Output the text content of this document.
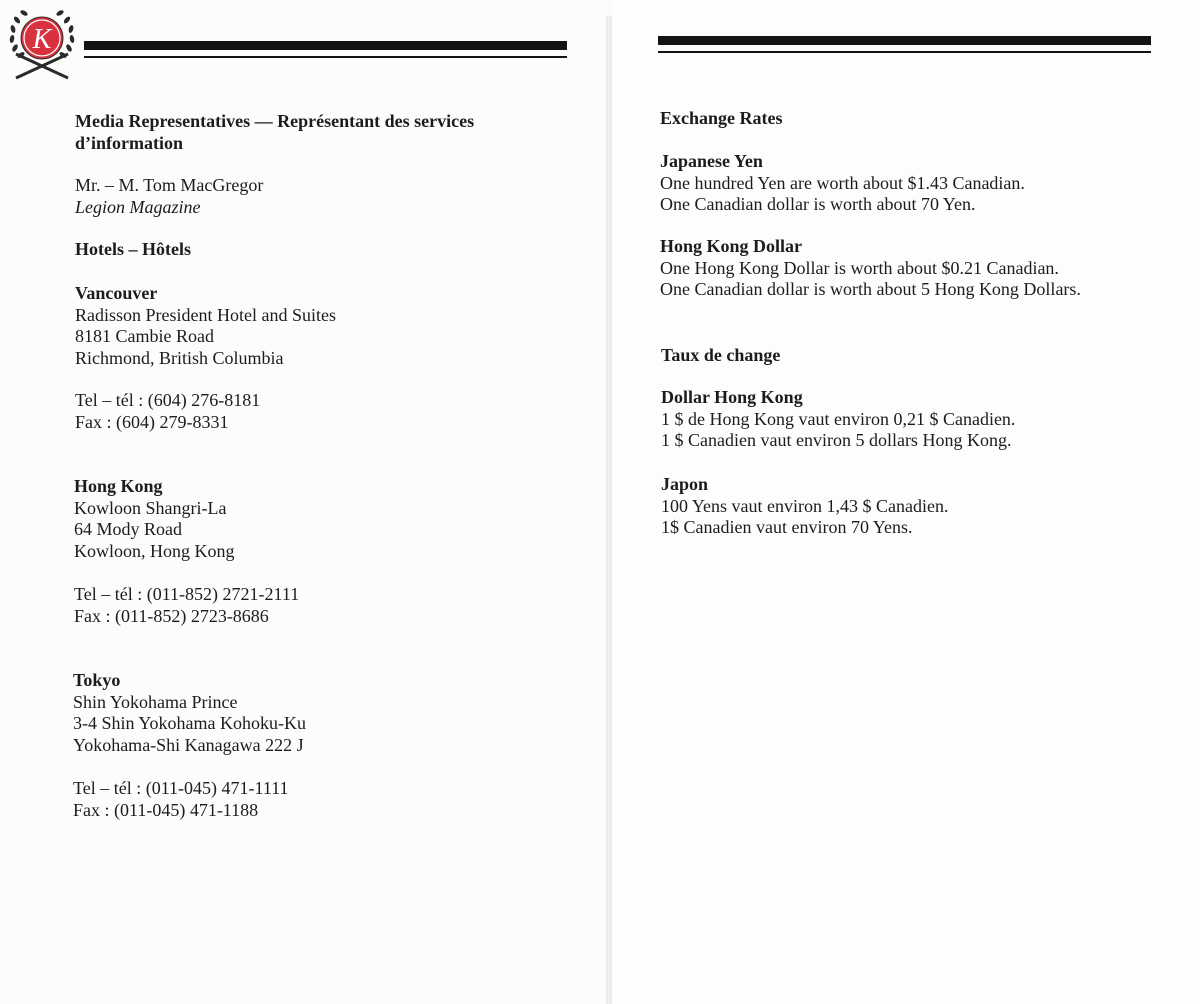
K
Media Representatives — Représentant des services
d’information
Mr. – M. Tom MacGregor
Legion Magazine
Hotels – Hôtels
Vancouver
Radisson President Hotel and Suites
8181 Cambie Road
Richmond, British Columbia
Tel – tél : (604) 276-8181
Fax : (604) 279-8331
Hong Kong
Kowloon Shangri-La
64 Mody Road
Kowloon, Hong Kong
Tel – tél : (011-852) 2721-2111
Fax : (011-852) 2723-8686
Tokyo
Shin Yokohama Prince
3-4 Shin Yokohama Kohoku-Ku
Yokohama-Shi Kanagawa 222 J
Tel – tél : (011-045) 471-1111
Fax : (011-045) 471-1188
Exchange Rates
Japanese Yen
One hundred Yen are worth about $1.43 Canadian.
One Canadian dollar is worth about 70 Yen.
Hong Kong Dollar
One Hong Kong Dollar is worth about $0.21 Canadian.
One Canadian dollar is worth about 5 Hong Kong Dollars.
Taux de change
Dollar Hong Kong
1 $ de Hong Kong vaut environ 0,21 $ Canadien.
1 $ Canadien vaut environ 5 dollars Hong Kong.
Japon
100 Yens vaut environ 1,43 $ Canadien.
1$ Canadien vaut environ 70 Yens.
